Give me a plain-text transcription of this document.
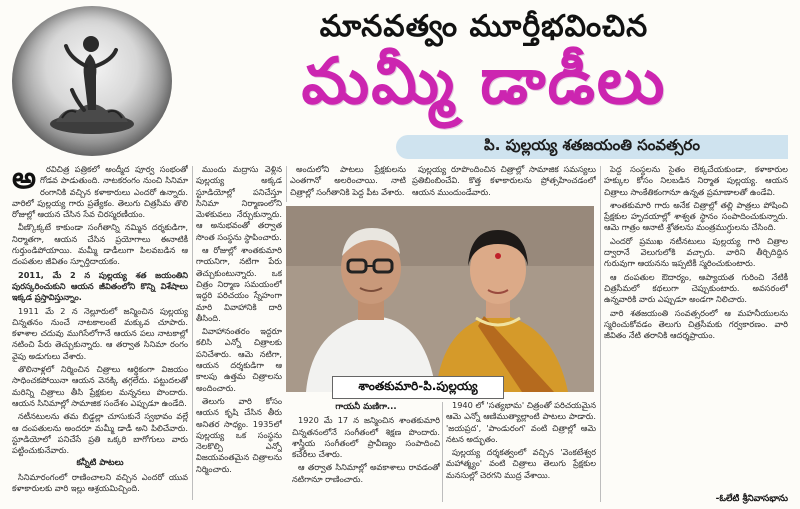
మానవత్వం మూర్తీభవించిన
మమ్మీ డాడీలు
పి. పుల్లయ్య శతజయంతి సంవత్సరం
అ	రవిచిత్ర పత్రికలో అంద్మీద పూర్వ సంభంతో గోడవ పాడుతుంది. నాటకరంగం నుంచి సినిమా రంగానికి వచ్చిన కళాకారులు ఎందరో ఉన్నారు. వారిలో పుల్లయ్య గారు ప్రత్యేకం. తెలుగు చిత్రసీమ తొలి రోజుల్లో ఆయన చేసిన సేవ చిరస్మరణీయం.

వీణ్కొక్కటే కాకుండా సంగీతాన్ని నమ్మిన దర్శకుడిగా, నిర్మాతగా, ఆయన చేసిన ప్రయోగాలు ఈనాటికీ గుర్తుండిపోయాయి. మమ్మీ డాడీలుగా పిలవబడిన ఆ దంపతుల జీవితం స్ఫూర్తిదాయకం.

2011, మే 2 న పుల్లయ్య శత జయంతిని పురస్కరించుకుని ఆయన జీవితంలోని కొన్ని విశేషాలు ఇక్కడ ప్రస్తావిస్తున్నాం.

1911 మే 2 న నెల్లూరులో జన్మించిన పుల్లయ్య చిన్నతనం నుంచే నాటకాలంటే మక్కువ చూపారు. కళాశాల చదువు ముగిసేలోగానే ఆయన పలు నాటకాల్లో నటించి పేరు తెచ్చుకున్నారు. ఆ తర్వాత సినిమా రంగం వైపు అడుగులు వేశారు.

తొలినాళ్లలో నిర్మించిన చిత్రాలు ఆర్థికంగా విజయం సాధించకపోయినా ఆయన వెనక్కి తగ్గలేదు. పట్టుదలతో మరిన్ని చిత్రాలు తీసి ప్రేక్షకుల మన్ననలు పొందారు. ఆయన సినిమాల్లో సామాజిక సందేశం ఎప్పుడూ ఉండేది.

నటీనటులను తమ బిడ్డల్లా చూసుకునే స్వభావం వల్లే ఆ దంపతులను అందరూ మమ్మీ డాడీ అని పిలిచేవారు. స్టూడియోలో పనిచేసే ప్రతి ఒక్కరి బాగోగులు వారు పట్టించుకునేవారు.

కన్నీటి పాటలు

సినిమారంగంలో రాణించాలని వచ్చిన ఎందరో యువ కళాకారులకు వారి ఇల్లు ఆశ్రయమిచ్చింది.

ముందు మద్రాసు వెళ్లిన పుల్లయ్య అక్కడ స్టూడియోల్లో పనిచేస్తూ సినిమా నిర్మాణంలోని మెళకువలు నేర్చుకున్నారు. ఆ అనుభవంతో తర్వాత సొంత సంస్థను స్థాపించారు.

ఆ రోజుల్లో శాంతకుమారి గాయనిగా, నటిగా పేరు తెచ్చుకుంటున్నారు. ఒక చిత్రం నిర్మాణ సమయంలో ఇద్దరి పరిచయం స్నేహంగా మారి వివాహానికి దారి తీసింది.

వివాహానంతరం ఇద్దరూ కలిసి ఎన్నో చిత్రాలకు పనిచేశారు. ఆమె నటిగా, ఆయన దర్శకుడిగా ఆ కాలపు ఉత్తమ చిత్రాలను అందించారు.

తెలుగు వారి కోసం ఆయన కృషి చేసిన తీరు అనితర సాధ్యం. 1935లో పుల్లయ్య ఒక సంస్థను నెలకొల్పి ఎన్నో విజయవంతమైన చిత్రాలను నిర్మించారు.

అందులోని పాటలు ప్రేక్షకులను ఎంతగానో అలరించాయి. నాటి చిత్రాల్లో సంగీతానికి పెద్ద పీట వేశారు.

పుల్లయ్య రూపొందించిన చిత్రాల్లో సామాజిక సమస్యలు ప్రతిబింబించేవి. కొత్త కళాకారులను ప్రోత్సహించడంలో ఆయన ముందుండేవారు.

శాంతకుమారి-పి.పుల్లయ్య
గాయనీ మణిగా...

1920 మే 17 న జన్మించిన శాంతకుమారి చిన్నతనంలోనే సంగీతంలో శిక్షణ పొందారు. శాస్త్రీయ సంగీతంలో ప్రావీణ్యం సంపాదించి కచేరీలు చేశారు.

ఆ తర్వాత సినిమాల్లో అవకాశాలు రావడంతో నటిగానూ రాణించారు.

1940 లో 'సత్యభామ' చిత్రంతో పరిచయమైన ఆమె ఎన్నో ఆణిముత్యాల్లాంటి పాటలు పాడారు. 'జయప్రద', 'పాండురంగ' వంటి చిత్రాల్లో ఆమె నటన అద్భుతం.

పుల్లయ్య దర్శకత్వంలో వచ్చిన 'వెంకటేశ్వర మహాత్మ్యం' వంటి చిత్రాలు తెలుగు ప్రేక్షకుల మనసుల్లో చెరగని ముద్ర వేశాయి.

పెద్ద సంస్థలను సైతం లెక్కచేయకుండా, కళాకారుల హక్కుల కోసం నిలబడిన నిర్మాత పుల్లయ్య. ఆయన చిత్రాలు సాంకేతికంగానూ ఉన్నత ప్రమాణాలతో ఉండేవి.

శాంతకుమారి గారు అనేక చిత్రాల్లో తల్లి పాత్రలు పోషించి ప్రేక్షకుల హృదయాల్లో శాశ్వత స్థానం సంపాదించుకున్నారు. ఆమె గాత్రం ఆనాటి శ్రోతలను మంత్రముగ్ధులను చేసింది.

ఎందరో ప్రముఖ నటీనటులు పుల్లయ్య గారి చిత్రాల ద్వారానే వెలుగులోకి వచ్చారు. వారిని తీర్చిదిద్దిన గురువుగా ఆయనను ఇప్పటికీ స్మరించుకుంటారు.

ఆ దంపతుల ఔదార్యం, ఆప్యాయత గురించి నేటికీ చిత్రసీమలో కథలుగా చెప్పుకుంటారు. అవసరంలో ఉన్నవారికి వారు ఎప్పుడూ అండగా నిలిచారు.

వారి శతజయంతి సంవత్సరంలో ఆ మహనీయులను స్మరించుకోవడం తెలుగు చిత్రసీమకు గర్వకారణం. వారి జీవితం నేటి తరానికి ఆదర్శప్రాయం.

-ఓలేటి శ్రీనివాసభాను
